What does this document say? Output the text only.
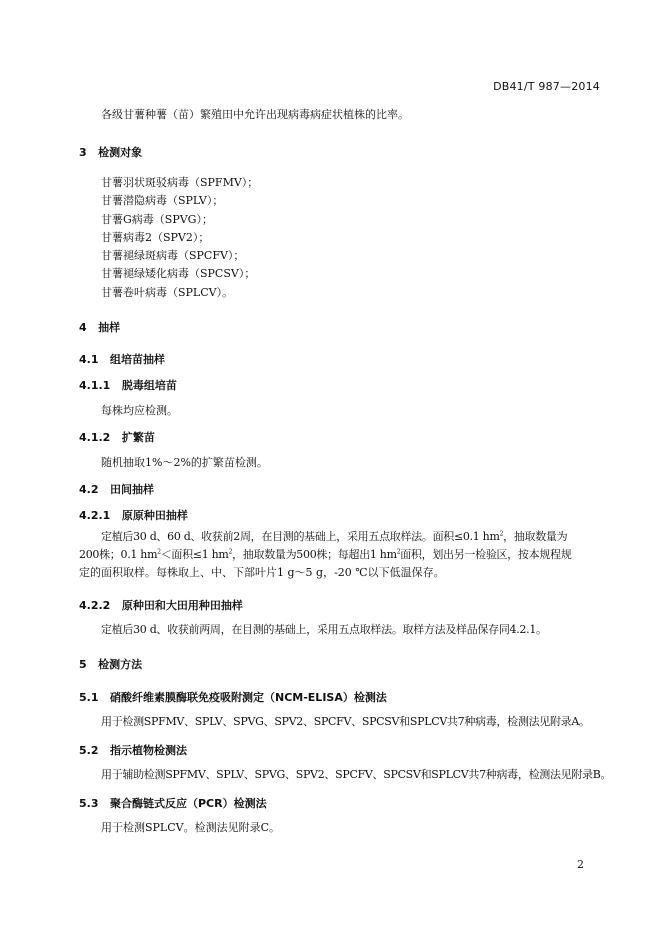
DB41/T 987—2014

各级甘薯种薯（苗）繁殖田中允许出现病毒病症状植株的比率。

3 检测对象

甘薯羽状斑驳病毒（SPFMV）；
甘薯潜隐病毒（SPLV）；
甘薯G病毒（SPVG）；
甘薯病毒2（SPV2）；
甘薯褪绿斑病毒（SPCFV）；
甘薯褪绿矮化病毒（SPCSV）；
甘薯卷叶病毒（SPLCV）。

4 抽样

4.1 组培苗抽样

4.1.1 脱毒组培苗

每株均应检测。

4.1.2 扩繁苗

随机抽取1%～2%的扩繁苗检测。

4.2 田间抽样

4.2.1 原原种田抽样

定植后30 d、60 d、收获前2周，在目测的基础上，采用五点取样法。面积≤0.1 $hm^2$，抽取数量为

200株；0.1 $hm^2<$面积≤1 $hm^2$，抽取数量为500株；每超出1 $hm^2$面积，划出另一检验区，按本规程规

定的面积取样。每株取上、中、下部叶片1 g～5 g，-20 ℃以下低温保存。

4.2.2 原种田和大田用种田抽样

定植后30 d、收获前两周，在目测的基础上，采用五点取样法。取样方法及样品保存同4.2.1。

5 检测方法

5.1 硝酸纤维素膜酶联免疫吸附测定（NCM-ELISA）检测法

用于检测SPFMV、SPLV、SPVG、SPV2、SPCFV、SPCSV和SPLCV共7种病毒，检测法见附录A。

5.2 指示植物检测法

用于辅助检测SPFMV、SPLV、SPVG、SPV2、SPCFV、SPCSV和SPLCV共7种病毒，检测法见附录B。

5.3 聚合酶链式反应（PCR）检测法

用于检测SPLCV。检测法见附录C。

2
